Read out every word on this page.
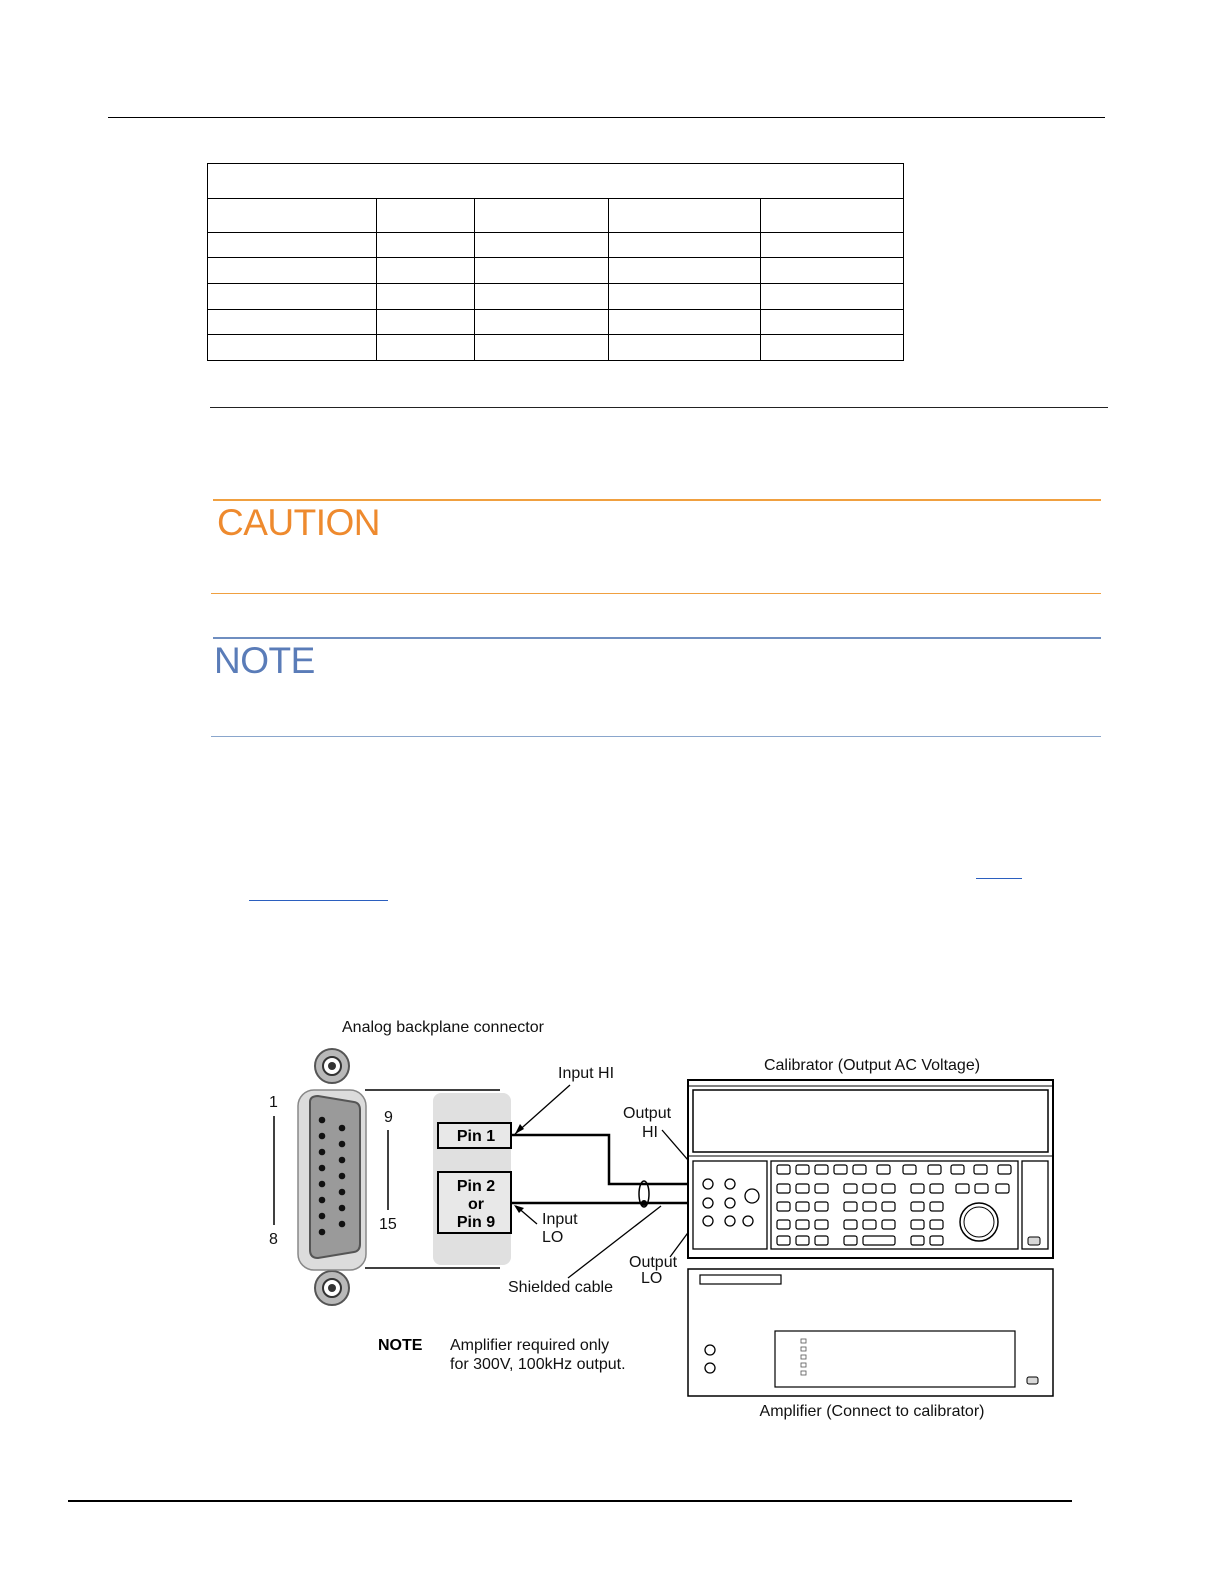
CAUTION
NOTE
Analog backplane connector
1
8
9
15
Pin 1
Pin 2
or
Pin 9
Input HI
Input
LO
Output
HI
Output
LO
Shielded cable
Calibrator (Output AC Voltage)
Amplifier (Connect to calibrator)
NOTE Amplifier required only
for 300V, 100kHz output.
